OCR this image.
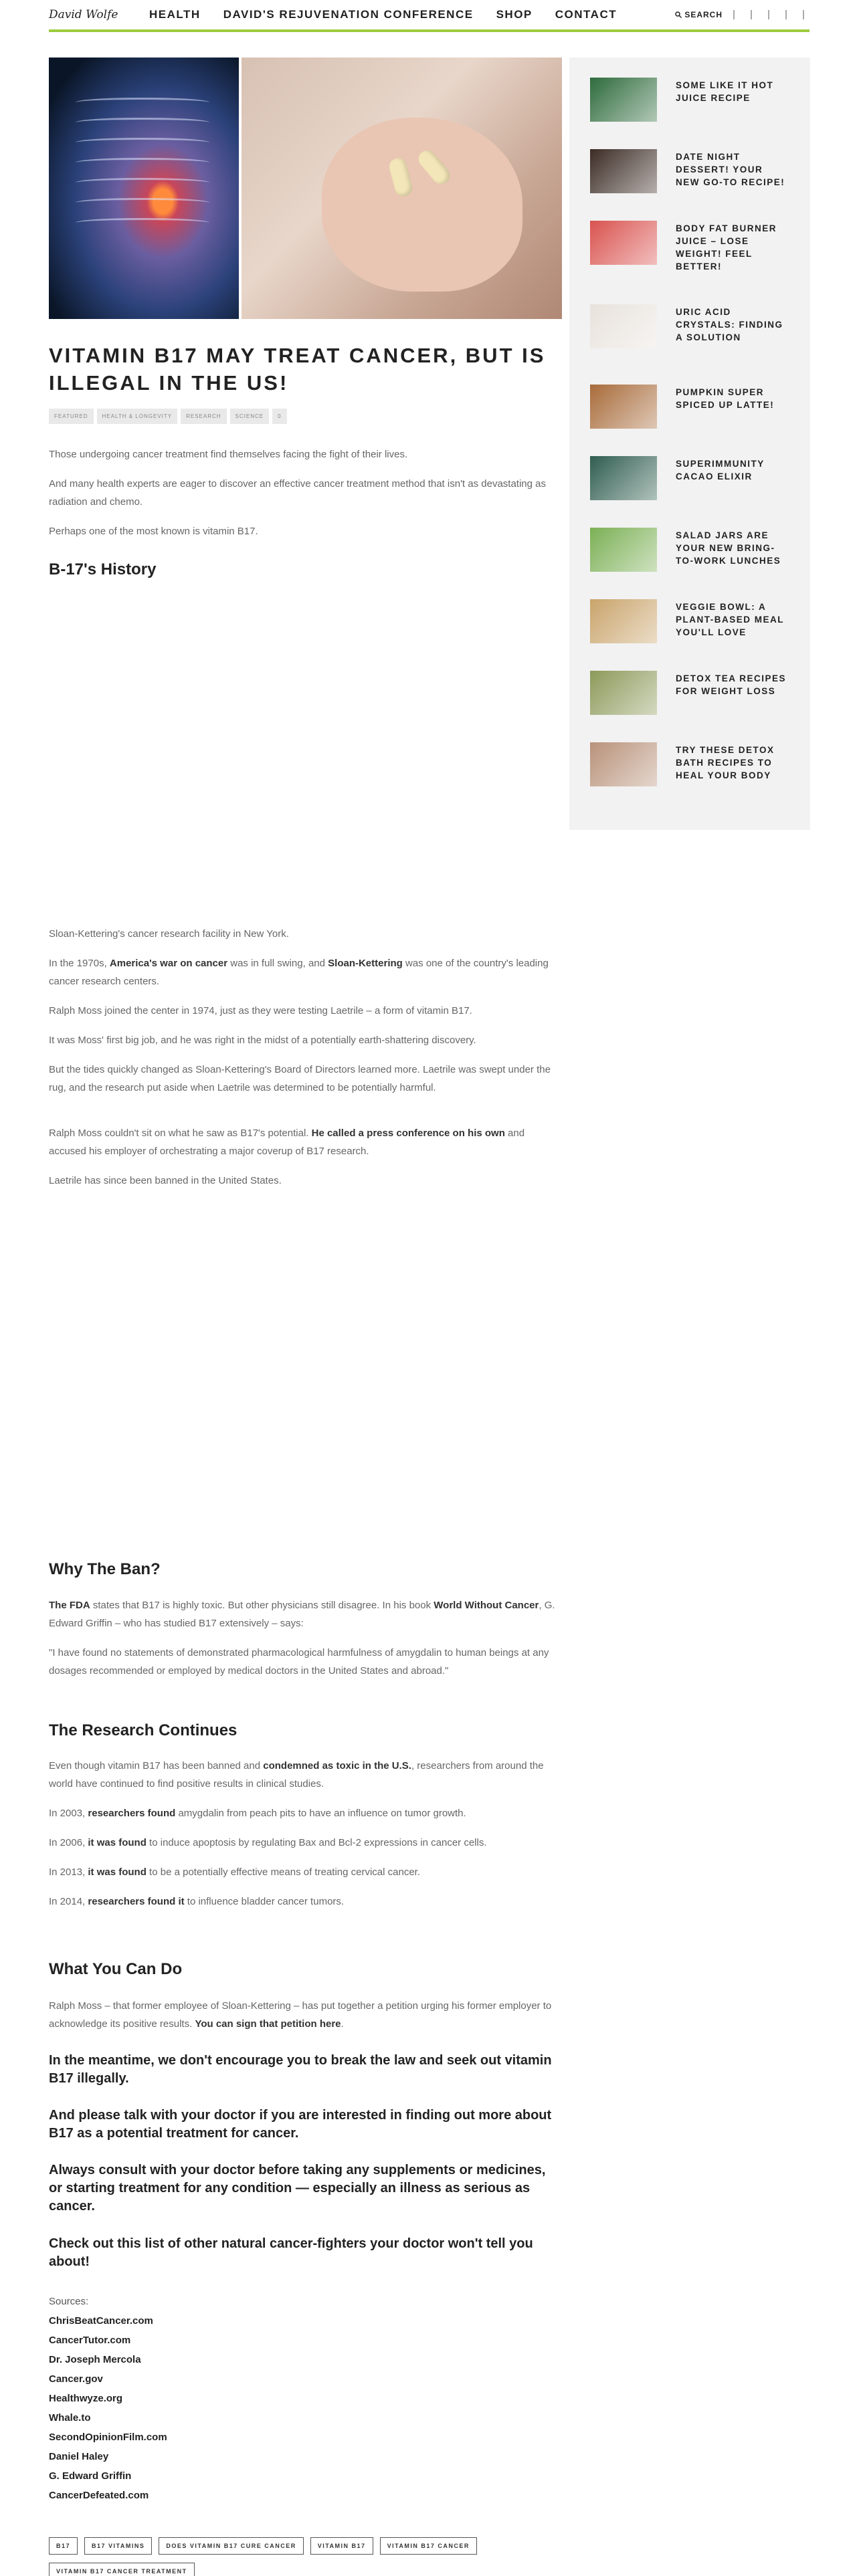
David Wolfe	HEALTH DAVID'S REJUVENATION CONFERENCE SHOP CONTACT	SEARCH
VITAMIN B17 MAY TREAT CANCER, BUT IS ILLEGAL IN THE US!
FEATURED	HEALTH & LONGEVITY	RESEARCH	SCIENCE	0

Those undergoing cancer treatment find themselves facing the fight of their lives.

And many health experts are eager to discover an effective cancer treatment method that isn't as devastating as radiation and chemo.

Perhaps one of the most known is vitamin B17.

B-17's History

Sloan-Kettering's cancer research facility in New York.

In the 1970s, America's war on cancer was in full swing, and Sloan-Kettering was one of the country's leading cancer research centers.

Ralph Moss joined the center in 1974, just as they were testing Laetrile – a form of vitamin B17.

It was Moss' first big job, and he was right in the midst of a potentially earth-shattering discovery.

But the tides quickly changed as Sloan-Kettering's Board of Directors learned more. Laetrile was swept under the rug, and the research put aside when Laetrile was determined to be potentially harmful.

Ralph Moss couldn't sit on what he saw as B17's potential. He called a press conference on his own and accused his employer of orchestrating a major coverup of B17 research.

Laetrile has since been banned in the United States.

Why The Ban?

The FDA states that B17 is highly toxic. But other physicians still disagree. In his book World Without Cancer, G. Edward Griffin – who has studied B17 extensively – says:

"I have found no statements of demonstrated pharmacological harmfulness of amygdalin to human beings at any dosages recommended or employed by medical doctors in the United States and abroad."

The Research Continues

Even though vitamin B17 has been banned and condemned as toxic in the U.S., researchers from around the world have continued to find positive results in clinical studies.

In 2003, researchers found amygdalin from peach pits to have an influence on tumor growth.

In 2006, it was found to induce apoptosis by regulating Bax and Bcl-2 expressions in cancer cells.

In 2013, it was found to be a potentially effective means of treating cervical cancer.

In 2014, researchers found it to influence bladder cancer tumors.

What You Can Do

Ralph Moss – that former employee of Sloan-Kettering – has put together a petition urging his former employer to acknowledge its positive results. You can sign that petition here.

In the meantime, we don't encourage you to break the law and seek out vitamin B17 illegally.

And please talk with your doctor if you are interested in finding out more about B17 as a potential treatment for cancer.

Always consult with your doctor before taking any supplements or medicines, or starting treatment for any condition — especially an illness as serious as cancer.

Check out this list of other natural cancer-fighters your doctor won't tell you about!

Sources:
ChrisBeatCancer.com
CancerTutor.com
Dr. Joseph Mercola
Cancer.gov
Healthwyze.org
Whale.to
SecondOpinionFilm.com
Daniel Haley
G. Edward Griffin
CancerDefeated.com
B17	B17 VITAMINS	DOES VITAMIN B17 CURE CANCER	VITAMIN B17	VITAMIN B17 CANCER
VITAMIN B17 CANCER TREATMENT
SOME LIKE IT HOT JUICE RECIPE
DATE NIGHT DESSERT! YOUR NEW GO-TO RECIPE!
BODY FAT BURNER JUICE – LOSE WEIGHT! FEEL BETTER!
URIC ACID CRYSTALS: FINDING A SOLUTION
PUMPKIN SUPER SPICED UP LATTE!
SUPERIMMUNITY CACAO ELIXIR
SALAD JARS ARE YOUR NEW BRING-TO-WORK LUNCHES
VEGGIE BOWL: A PLANT-BASED MEAL YOU'LL LOVE
DETOX TEA RECIPES FOR WEIGHT LOSS
TRY THESE DETOX BATH RECIPES TO HEAL YOUR BODY
